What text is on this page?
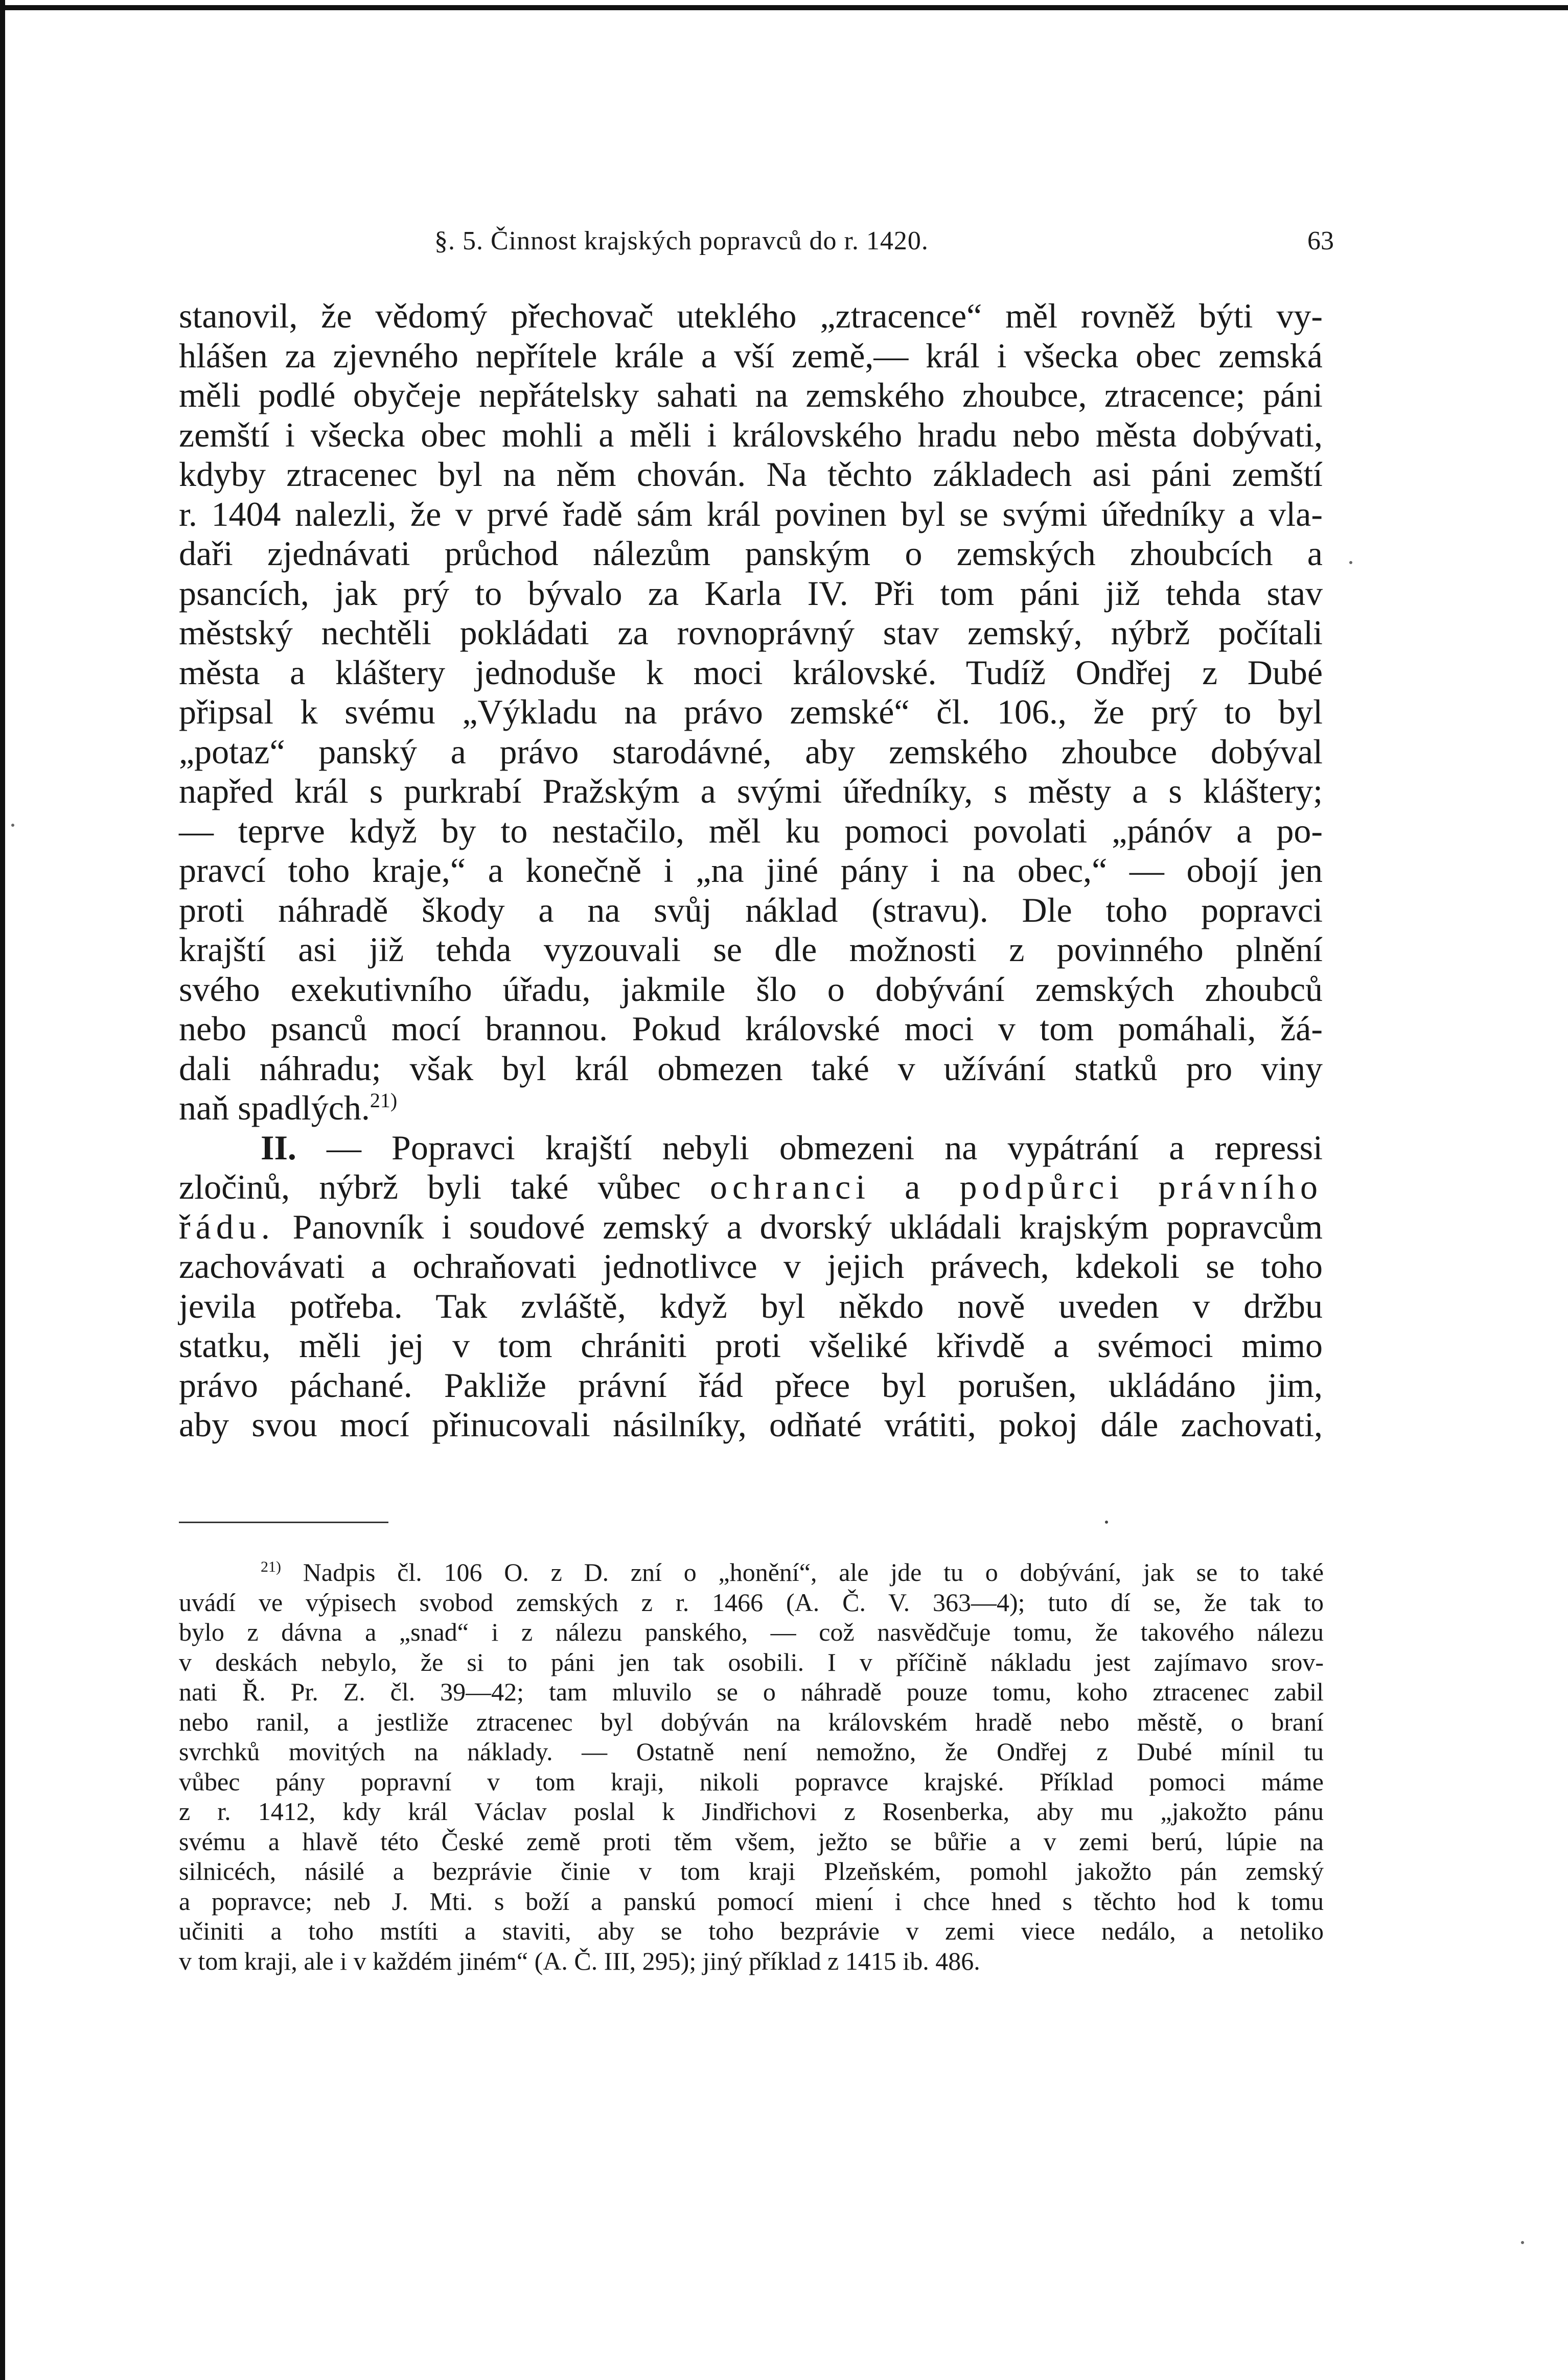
§. 5. Činnost krajských popravců do r. 1420.	63
stanovil, že vědomý přechovač uteklého „ztracence“ měl rovněž býti vy-
hlášen za zjevného nepřítele krále a vší země,— král i všecka obec zemská
měli podlé obyčeje nepřátelsky sahati na zemského zhoubce, ztracence; páni
zemští i všecka obec mohli a měli i královského hradu nebo města dobývati,
kdyby ztracenec byl na něm chován. Na těchto základech asi páni zemští
r. 1404 nalezli, že v prvé řadě sám král povinen byl se svými úředníky a vla-
daři zjednávati průchod nálezům panským o zemských zhoubcích a
psancích, jak prý to bývalo za Karla IV. Při tom páni již tehda stav
městský nechtěli pokládati za rovnoprávný stav zemský, nýbrž počítali
města a kláštery jednoduše k moci královské. Tudíž Ondřej z Dubé
připsal k svému „Výkladu na právo zemské“ čl. 106., že prý to byl
„potaz“ panský a právo starodávné, aby zemského zhoubce dobýval
napřed král s purkrabí Pražským a svými úředníky, s městy a s kláštery;
— teprve když by to nestačilo, měl ku pomoci povolati „pánóv a po-
pravcí toho kraje,“ a konečně i „na jiné pány i na obec,“ — obojí jen
proti náhradě škody a na svůj náklad (stravu). Dle toho popravci
krajští asi již tehda vyzouvali se dle možnosti z povinného plnění
svého exekutivního úřadu, jakmile šlo o dobývání zemských zhoubců
nebo psanců mocí brannou. Pokud královské moci v tom pomáhali, žá-
dali náhradu; však byl král obmezen také v užívání statků pro viny
naň spadlých.$^{21)}$
II. — Popravci krajští nebyli obmezeni na vypátrání a repressi
zločinů, nýbrž byli také vůbec ochranci a podpůrci právního
řádu. Panovník i soudové zemský a dvorský ukládali krajským popravcům
zachovávati a ochraňovati jednotlivce v jejich právech, kdekoli se toho
jevila potřeba. Tak zvláště, když byl někdo nově uveden v držbu
statku, měli jej v tom chrániti proti všeliké křivdě a svémoci mimo
právo páchané. Pakliže právní řád přece byl porušen, ukládáno jim,
aby svou mocí přinucovali násilníky, odňaté vrátiti, pokoj dále zachovati,
$^{21)}$ Nadpis čl. 106 O. z D. zní o „honění“, ale jde tu o dobývání, jak se to také
uvádí ve výpisech svobod zemských z r. 1466 (A. Č. V. 363—4); tuto dí se, že tak to
bylo z dávna a „snad“ i z nálezu panského, — což nasvědčuje tomu, že takového nálezu
v deskách nebylo, že si to páni jen tak osobili. I v příčině nákladu jest zajímavo srov-
nati Ř. Pr. Z. čl. 39—42; tam mluvilo se o náhradě pouze tomu, koho ztracenec zabil
nebo ranil, a jestliže ztracenec byl dobýván na královském hradě nebo městě, o braní
svrchků movitých na náklady. — Ostatně není nemožno, že Ondřej z Dubé mínil tu
vůbec pány popravní v tom kraji, nikoli popravce krajské. Příklad pomoci máme
z r. 1412, kdy král Václav poslal k Jindřichovi z Rosenberka, aby mu „jakožto pánu
svému a hlavě této České země proti těm všem, ježto se bůřie a v zemi berú, lúpie na
silnicéch, násilé a bezprávie činie v tom kraji Plzeňském, pomohl jakožto pán zemský
a popravce; neb J. Mti. s boží a panskú pomocí mienı́ i chce hned s těchto hod k tomu
učiniti a toho mstíti a staviti, aby se toho bezprávie v zemi viece nedálo, a netoliko
v tom kraji, ale i v každém jiném“ (A. Č. III, 295); jiný příklad z 1415 ib. 486.
